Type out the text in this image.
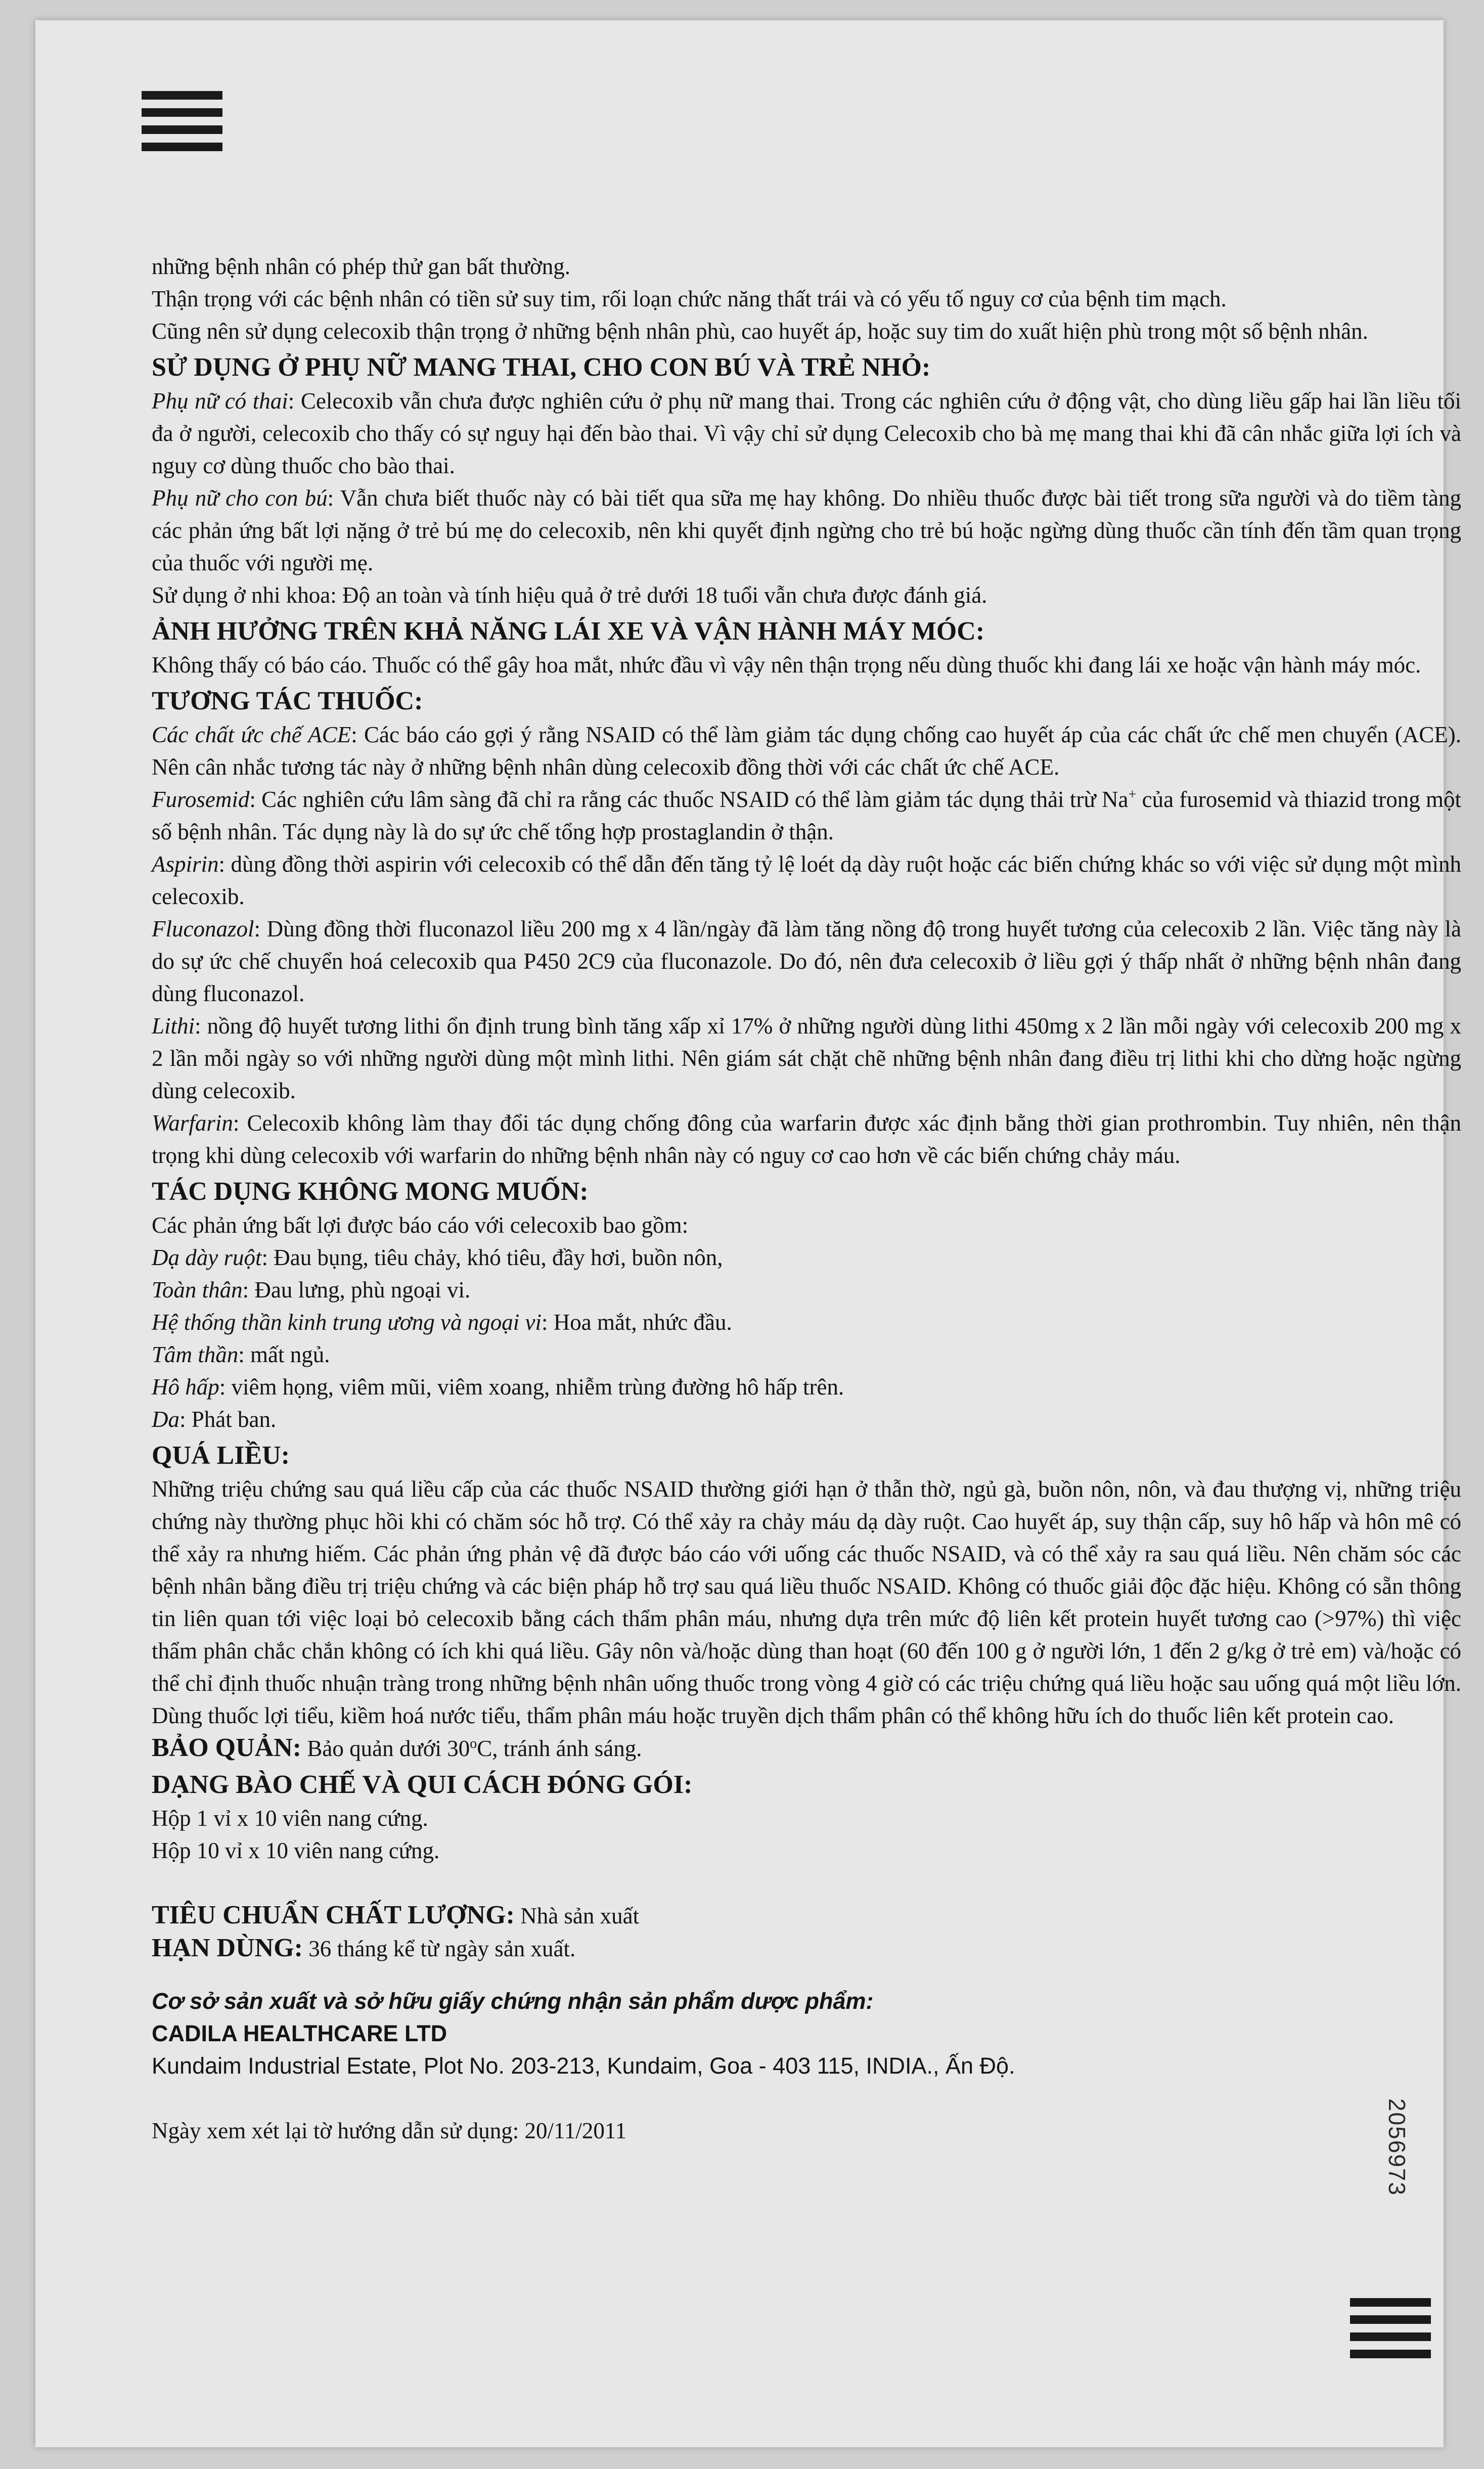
những bệnh nhân có phép thử gan bất thường.

Thận trọng với các bệnh nhân có tiền sử suy tim, rối loạn chức năng thất trái và có yếu tố nguy cơ của bệnh tim mạch.

Cũng nên sử dụng celecoxib thận trọng ở những bệnh nhân phù, cao huyết áp, hoặc suy tim do xuất hiện phù trong một số bệnh nhân.

SỬ DỤNG Ở PHỤ NỮ MANG THAI, CHO CON BÚ VÀ TRẺ NHỎ:

Phụ nữ có thai: Celecoxib vẫn chưa được nghiên cứu ở phụ nữ mang thai. Trong các nghiên cứu ở động vật, cho dùng liều gấp hai lần liều tối đa ở người, celecoxib cho thấy có sự nguy hại đến bào thai. Vì vậy chỉ sử dụng Celecoxib cho bà mẹ mang thai khi đã cân nhắc giữa lợi ích và nguy cơ dùng thuốc cho bào thai.

Phụ nữ cho con bú: Vẫn chưa biết thuốc này có bài tiết qua sữa mẹ hay không. Do nhiều thuốc được bài tiết trong sữa người và do tiềm tàng các phản ứng bất lợi nặng ở trẻ bú mẹ do celecoxib, nên khi quyết định ngừng cho trẻ bú hoặc ngừng dùng thuốc cần tính đến tầm quan trọng của thuốc với người mẹ.

Sử dụng ở nhi khoa: Độ an toàn và tính hiệu quả ở trẻ dưới 18 tuổi vẫn chưa được đánh giá.

ẢNH HƯỞNG TRÊN KHẢ NĂNG LÁI XE VÀ VẬN HÀNH MÁY MÓC:

Không thấy có báo cáo. Thuốc có thể gây hoa mắt, nhức đầu vì vậy nên thận trọng nếu dùng thuốc khi đang lái xe hoặc vận hành máy móc.

TƯƠNG TÁC THUỐC:

Các chất ức chế ACE: Các báo cáo gợi ý rằng NSAID có thể làm giảm tác dụng chống cao huyết áp của các chất ức chế men chuyển (ACE). Nên cân nhắc tương tác này ở những bệnh nhân dùng celecoxib đồng thời với các chất ức chế ACE.

Furosemid: Các nghiên cứu lâm sàng đã chỉ ra rằng các thuốc NSAID có thể làm giảm tác dụng thải trừ Na+ của furosemid và thiazid trong một số bệnh nhân. Tác dụng này là do sự ức chế tổng hợp prostaglandin ở thận.

Aspirin: dùng đồng thời aspirin với celecoxib có thể dẫn đến tăng tỷ lệ loét dạ dày ruột hoặc các biến chứng khác so với việc sử dụng một mình celecoxib.

Fluconazol: Dùng đồng thời fluconazol liều 200 mg x 4 lần/ngày đã làm tăng nồng độ trong huyết tương của celecoxib 2 lần. Việc tăng này là do sự ức chế chuyển hoá celecoxib qua P450 2C9 của fluconazole. Do đó, nên đưa celecoxib ở liều gợi ý thấp nhất ở những bệnh nhân đang dùng fluconazol.

Lithi: nồng độ huyết tương lithi ổn định trung bình tăng xấp xỉ 17% ở những người dùng lithi 450mg x 2 lần mỗi ngày với celecoxib 200 mg x 2 lần mỗi ngày so với những người dùng một mình lithi. Nên giám sát chặt chẽ những bệnh nhân đang điều trị lithi khi cho dừng hoặc ngừng dùng celecoxib.

Warfarin: Celecoxib không làm thay đổi tác dụng chống đông của warfarin được xác định bằng thời gian prothrombin. Tuy nhiên, nên thận trọng khi dùng celecoxib với warfarin do những bệnh nhân này có nguy cơ cao hơn về các biến chứng chảy máu.

TÁC DỤNG KHÔNG MONG MUỐN:

Các phản ứng bất lợi được báo cáo với celecoxib bao gồm:

Dạ dày ruột: Đau bụng, tiêu chảy, khó tiêu, đầy hơi, buồn nôn,

Toàn thân: Đau lưng, phù ngoại vi.

Hệ thống thần kinh trung ương và ngoại vi: Hoa mắt, nhức đầu.

Tâm thần: mất ngủ.

Hô hấp: viêm họng, viêm mũi, viêm xoang, nhiễm trùng đường hô hấp trên.

Da: Phát ban.

QUÁ LIỀU:

Những triệu chứng sau quá liều cấp của các thuốc NSAID thường giới hạn ở thẫn thờ, ngủ gà, buồn nôn, nôn, và đau thượng vị, những triệu chứng này thường phục hồi khi có chăm sóc hỗ trợ. Có thể xảy ra chảy máu dạ dày ruột. Cao huyết áp, suy thận cấp, suy hô hấp và hôn mê có thể xảy ra nhưng hiếm. Các phản ứng phản vệ đã được báo cáo với uống các thuốc NSAID, và có thể xảy ra sau quá liều. Nên chăm sóc các bệnh nhân bằng điều trị triệu chứng và các biện pháp hỗ trợ sau quá liều thuốc NSAID. Không có thuốc giải độc đặc hiệu. Không có sẵn thông tin liên quan tới việc loại bỏ celecoxib bằng cách thẩm phân máu, nhưng dựa trên mức độ liên kết protein huyết tương cao (>97%) thì việc thẩm phân chắc chắn không có ích khi quá liều. Gây nôn và/hoặc dùng than hoạt (60 đến 100 g ở người lớn, 1 đến 2 g/kg ở trẻ em) và/hoặc có thể chỉ định thuốc nhuận tràng trong những bệnh nhân uống thuốc trong vòng 4 giờ có các triệu chứng quá liều hoặc sau uống quá một liều lớn. Dùng thuốc lợi tiểu, kiềm hoá nước tiểu, thẩm phân máu hoặc truyền dịch thẩm phân có thể không hữu ích do thuốc liên kết protein cao.

BẢO QUẢN: Bảo quản dưới 30$^o$C, tránh ánh sáng.

DẠNG BÀO CHẾ VÀ QUI CÁCH ĐÓNG GÓI:

Hộp 1 vỉ x 10 viên nang cứng.

Hộp 10 vỉ x 10 viên nang cứng.

TIÊU CHUẨN CHẤT LƯỢNG: Nhà sản xuất

HẠN DÙNG: 36 tháng kể từ ngày sản xuất.

Cơ sở sản xuất và sở hữu giấy chứng nhận sản phẩm dược phẩm:

CADILA HEALTHCARE LTD

Kundaim Industrial Estate, Plot No. 203-213, Kundaim, Goa - 403 115, INDIA., Ấn Độ.

Ngày xem xét lại tờ hướng dẫn sử dụng: 20/11/2011	2056973
